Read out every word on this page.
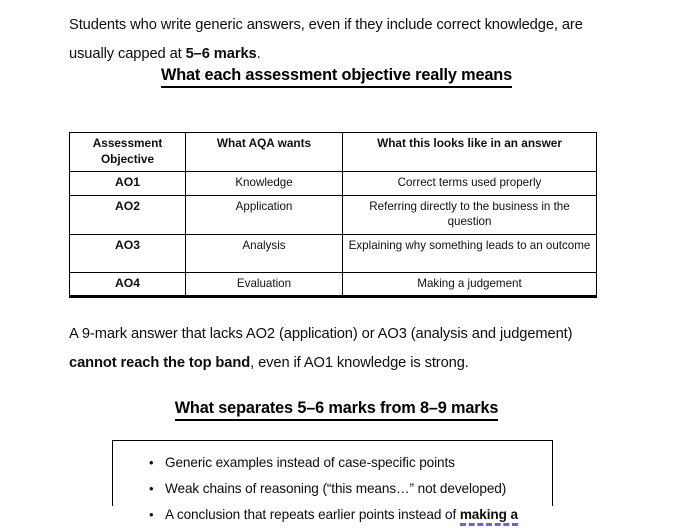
Students who write generic answers, even if they include correct knowledge, are usually capped at 5–6 marks.

What each assessment objective really means
Assessment Objective	What AQA wants	What this looks like in an answer
AO1	Knowledge	Correct terms used properly
AO2	Application	Referring directly to the business in the question
AO3	Analysis	Explaining why something leads to an outcome
AO4	Evaluation	Making a judgement

A 9-mark answer that lacks AO2 (application) or AO3 (analysis and judgement) cannot reach the top band, even if AO1 knowledge is strong.

What separates 5–6 marks from 8–9 marks
• Generic examples instead of case-specific points
• Weak chains of reasoning (“this means…” not developed)
• A conclusion that repeats earlier points instead of making a
